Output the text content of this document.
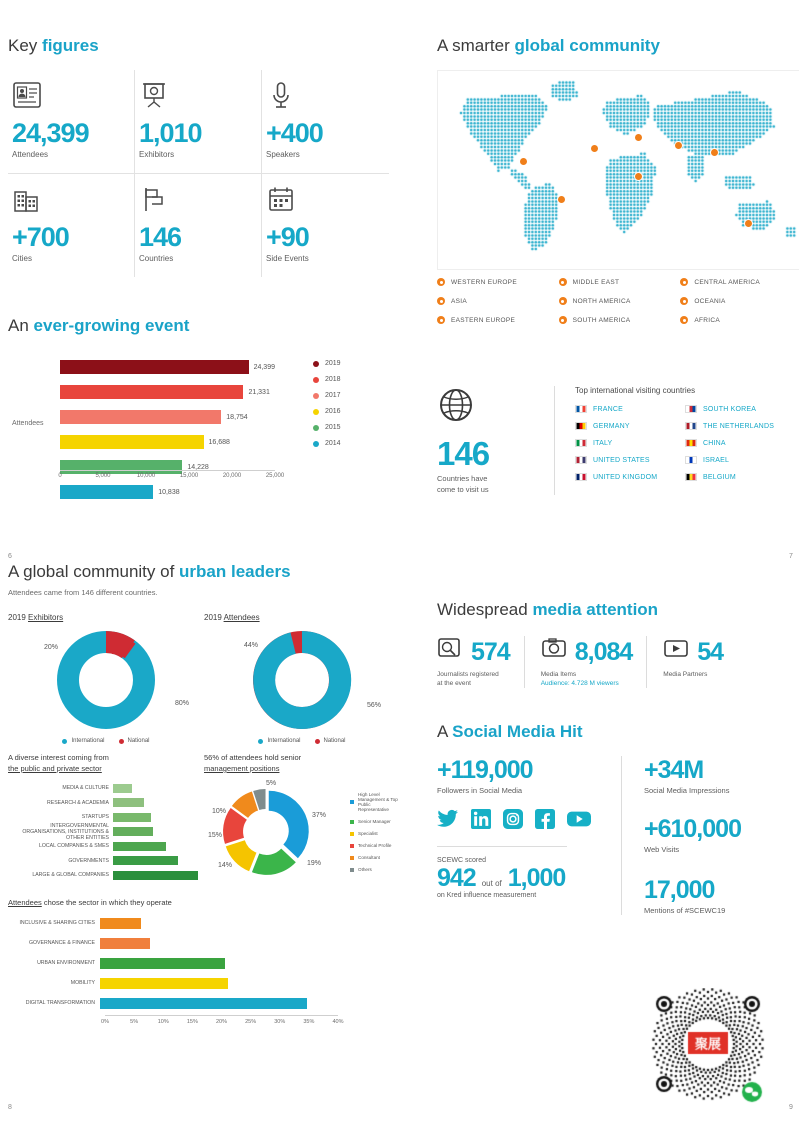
Key figures
24,399
Attendees
1,010
Exhibitors
+400
Speakers
+700
Cities
146
Countries
+90
Side Events
An ever-growing event
Attendees
24,399
21,331
18,754
16,688
14,228
10,838
0	5,000	10,000	15,000	20,000	25,000
2019
2018
2017
2016
2015
2014
A smarter global community
WESTERN EUROPE	MIDDLE EAST	CENTRAL AMERICA
ASIA	NORTH AMERICA	OCEANIA
EASTERN EUROPE	SOUTH AMERICA	AFRICA
146
Countries have
come to visit us
Top international visiting countries
FRANCE	SOUTH KOREA
GERMANY	THE NETHERLANDS
ITALY	CHINA
UNITED STATES	ISRAEL
UNITED KINGDOM	BELGIUM
6	7
8	9
A global community of urban leaders
Attendees came from 146 different countries.
2019 Exhibitors
20%
80%
International	National
2019 Attendees
44%
56%
International	National
A diverse interest coming from
the public and private sector
MEDIA & CULTURE
RESEARCH & ACADEMIA
STARTUPS
INTERGOVERNMENTAL ORGANISATIONS, INSTITUTIONS & OTHER ENTITIES
LOCAL COMPANIES & SMES
GOVERNMENTS
LARGE & GLOBAL COMPANIES
56% of attendees hold senior
management positions
5%
37%
19%
14%
15%
10%
High Level Management & Top Public Representative
Senior Manager
Specialist
Technical Profile
Consultant
Others
Attendees chose the sector in which they operate
INCLUSIVE & SHARING CITIES
GOVERNANCE & FINANCE
URBAN ENVIRONMENT
MOBILITY
DIGITAL TRANSFORMATION
0%	5%	10%	15%	20%	25%	30%	35%	40%
Widespread media attention
574
Journalists registered
at the event
8,084
Media Items
Audience: 4.728 M viewers
54
Media Partners
A Social Media Hit
+119,000
Followers in Social Media
SCEWC scored
942 out of 1,000
on Kred influence measurement
+34M
Social Media Impressions
+610,000
Web Visits
17,000
Mentions of #SCEWC19
